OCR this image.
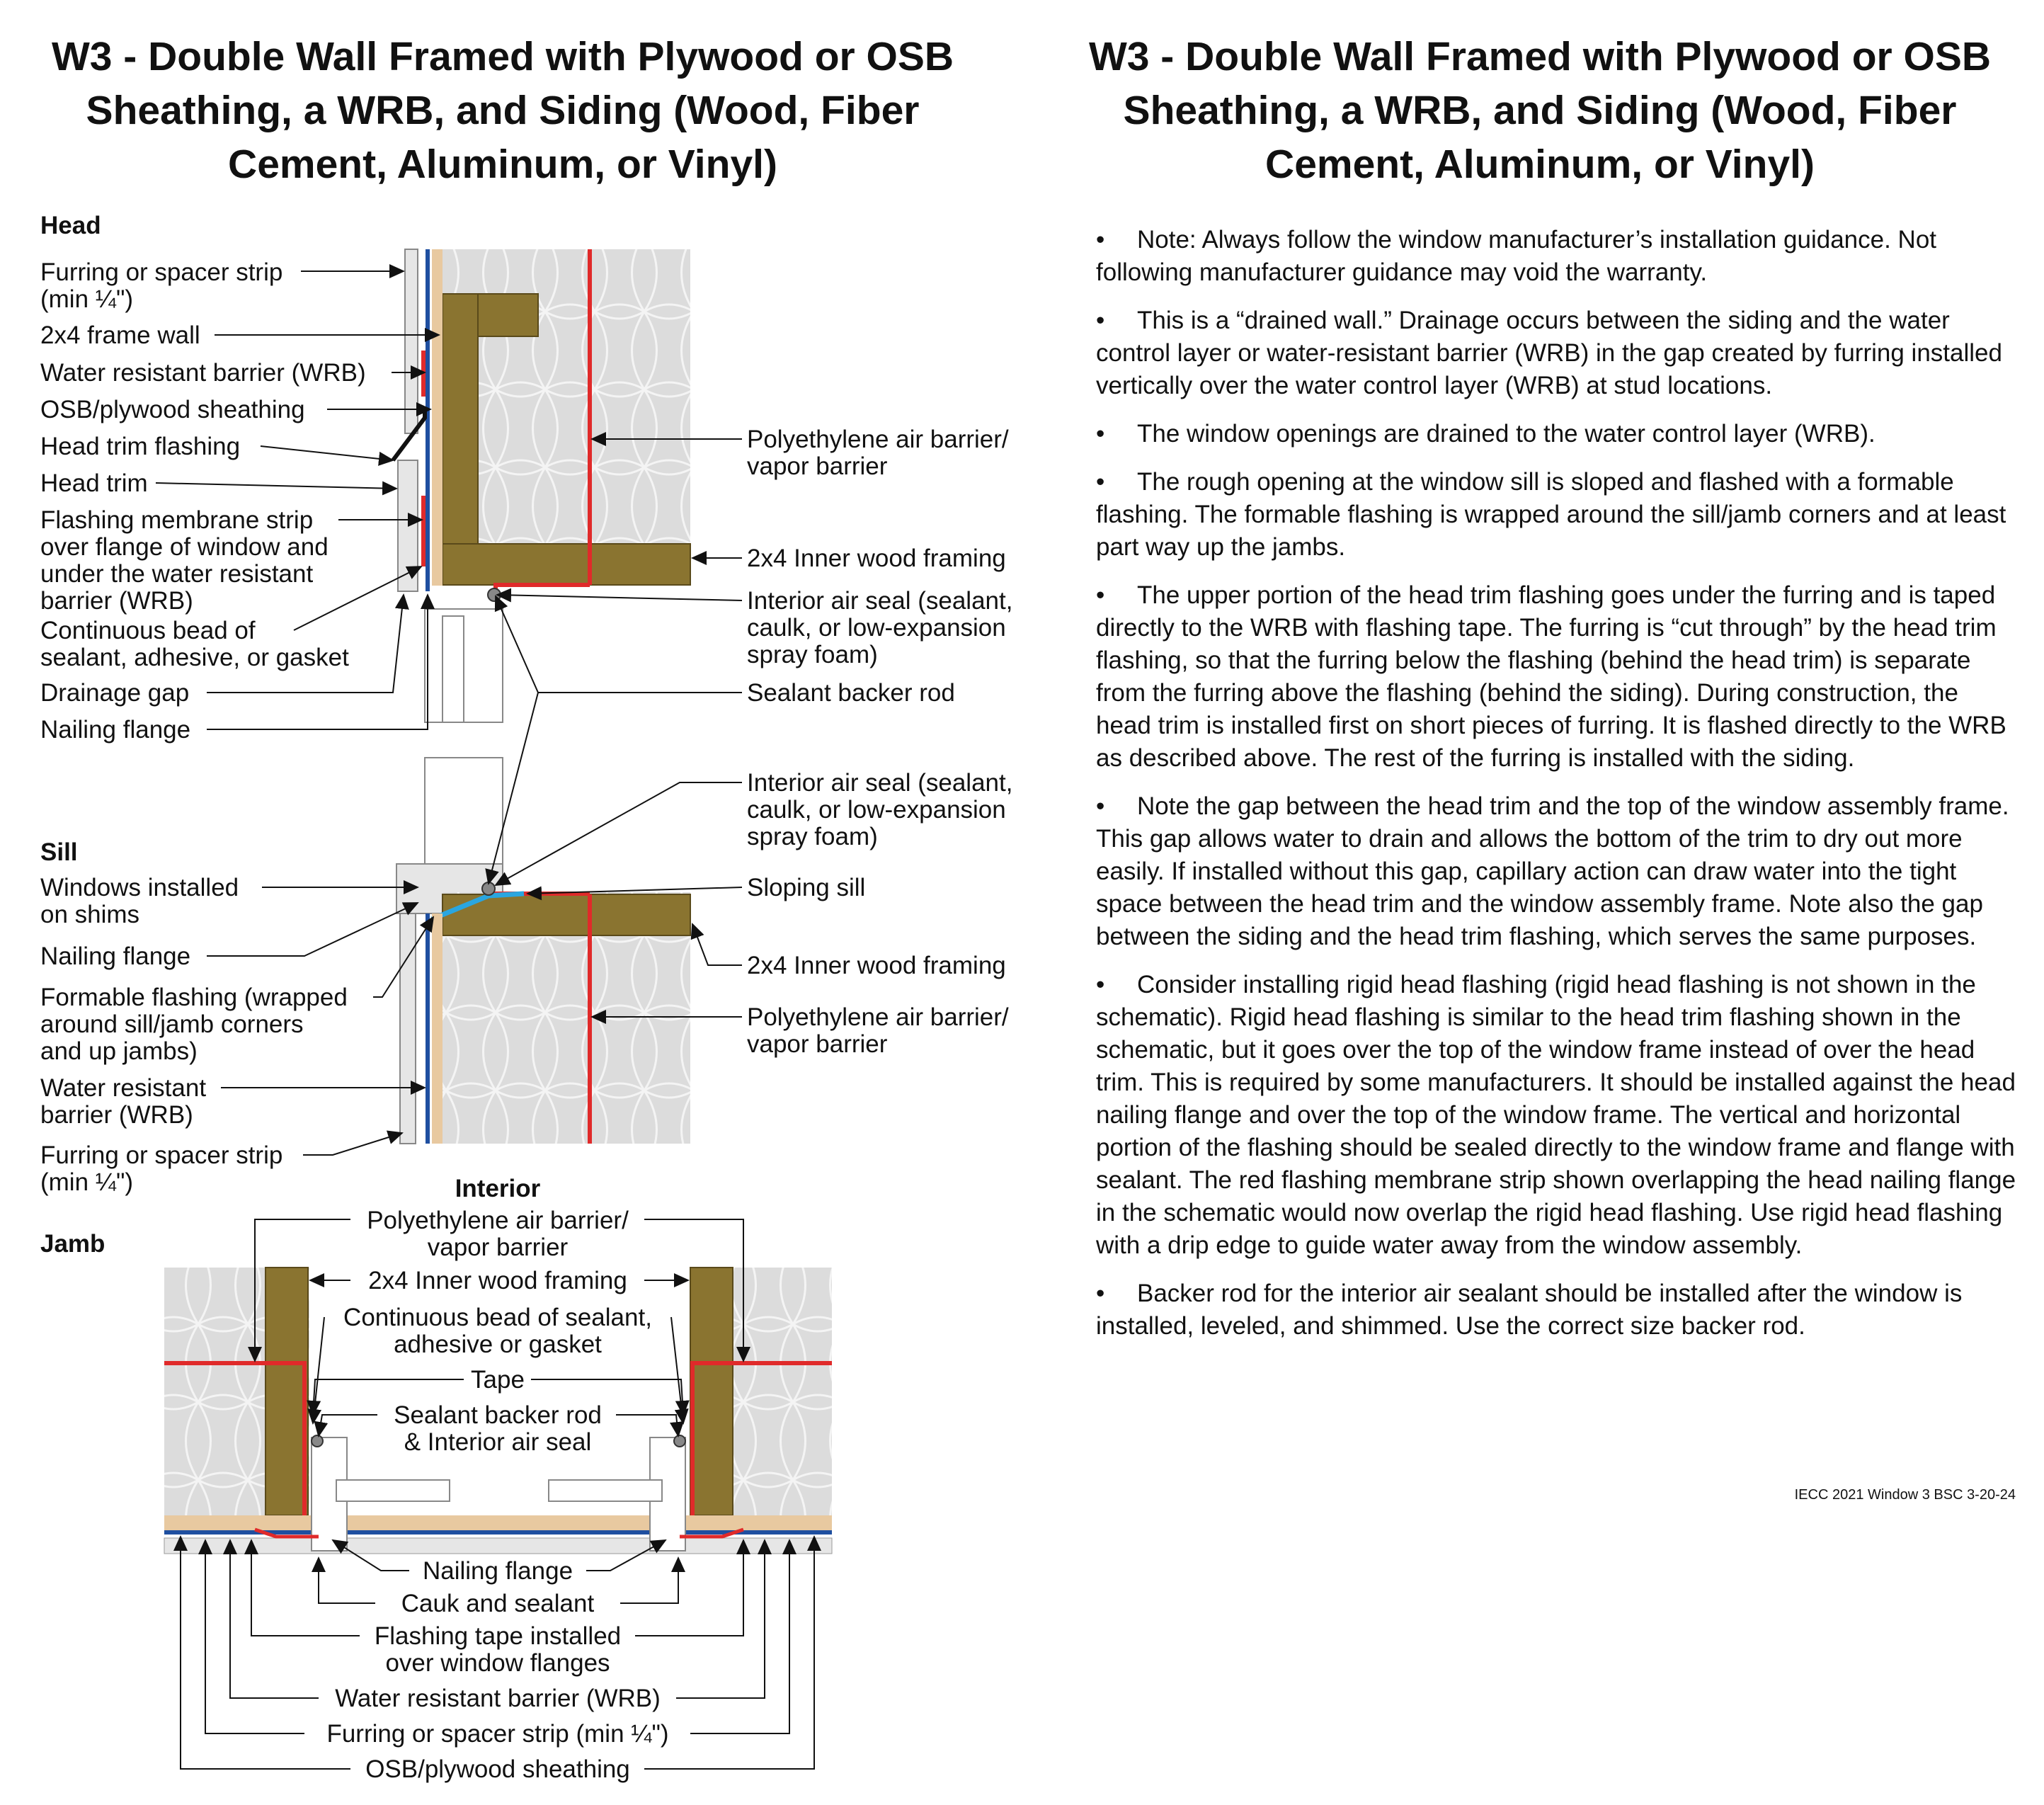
W3 - Double Wall Framed with Plywood or OSB Sheathing, a WRB, and Siding (Wood, Fiber Cement, Aluminum, or Vinyl)
W3 - Double Wall Framed with Plywood or OSB Sheathing, a WRB, and Siding (Wood, Fiber Cement, Aluminum, or Vinyl)
Head
Furring or spacer strip (min ¼")
2x4 frame wall
Water resistant barrier (WRB)
OSB/plywood sheathing
Head trim flashing
Head trim
Flashing membrane strip over flange of window and under the water resistant barrier (WRB)
Continuous bead of sealant, adhesive, or gasket
Drainage gap
Nailing flange
Polyethylene air barrier/ vapor barrier
2x4 Inner wood framing
Interior air seal (sealant, caulk, or low-expansion spray foam)
Sealant backer rod
Sill
Interior air seal (sealant, caulk, or low-expansion spray foam)
Windows installed on shims
Sloping sill
Nailing flange	2x4 Inner wood framing
Formable flashing (wrapped around sill/jamb corners and up jambs)
Polyethylene air barrier/ vapor barrier
Water resistant barrier (WRB)
Furring or spacer strip (min ¼")	Interior
Jamb
Polyethylene air barrier/ vapor barrier
2x4 Inner wood framing
Continuous bead of sealant, adhesive or gasket
Tape
Sealant backer rod & Interior air seal
Nailing flange
Cauk and sealant
Flashing tape installed over window flanges
Water resistant barrier (WRB)
Furring or spacer strip (min ¼")
OSB/plywood sheathing
• Note: Always follow the window manufacturer’s installation guidance. Not following manufacturer guidance may void the warranty.
• This is a “drained wall.” Drainage occurs between the siding and the water control layer or water-resistant barrier (WRB) in the gap created by furring installed vertically over the water control layer (WRB) at stud locations.
• The window openings are drained to the water control layer (WRB).
• The rough opening at the window sill is sloped and flashed with a formable flashing. The formable flashing is wrapped around the sill/jamb corners and at least part way up the jambs.
• The upper portion of the head trim flashing goes under the furring and is taped directly to the WRB with flashing tape. The furring is “cut through” by the head trim flashing, so that the furring below the flashing (behind the head trim) is separate from the furring above the flashing (behind the siding). During construction, the head trim is installed first on short pieces of furring. It is flashed directly to the WRB as described above. The rest of the furring is installed with the siding.
• Note the gap between the head trim and the top of the window assembly frame. This gap allows water to drain and allows the bottom of the trim to dry out more easily. If installed without this gap, capillary action can draw water into the tight space between the head trim and the window assembly frame. Note also the gap between the siding and the head trim flashing, which serves the same purposes.
• Consider installing rigid head flashing (rigid head flashing is not shown in the schematic). Rigid head flashing is similar to the head trim flashing shown in the schematic, but it goes over the top of the window frame instead of over the head trim. This is required by some manufacturers. It should be installed against the head nailing flange and over the top of the window frame. The vertical and horizontal portion of the flashing should be sealed directly to the window frame and flange with sealant. The red flashing membrane strip shown overlapping the head nailing flange in the schematic would now overlap the rigid head flashing. Use rigid head flashing with a drip edge to guide water away from the window assembly.
• Backer rod for the interior air sealant should be installed after the window is installed, leveled, and shimmed. Use the correct size backer rod.
IECC 2021 Window 3 BSC 3-20-24
